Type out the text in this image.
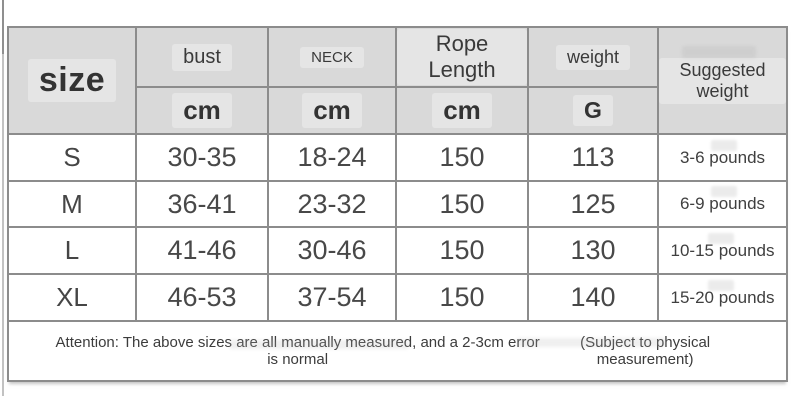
size	bust	NECK	Rope Length	weight	Suggested weight
	cm	cm	cm	G	
S	30-35	18-24	150	113	3-6 pounds
M	36-41	23-32	150	125	6-9 pounds
L	41-46	30-46	150	130	10-15 pounds
XL	46-53	37-54	150	140	15-20 pounds

Attention: The above sizes are all manually measured, and a 2-3cm error is normal
(Subject to physical measurement)					
